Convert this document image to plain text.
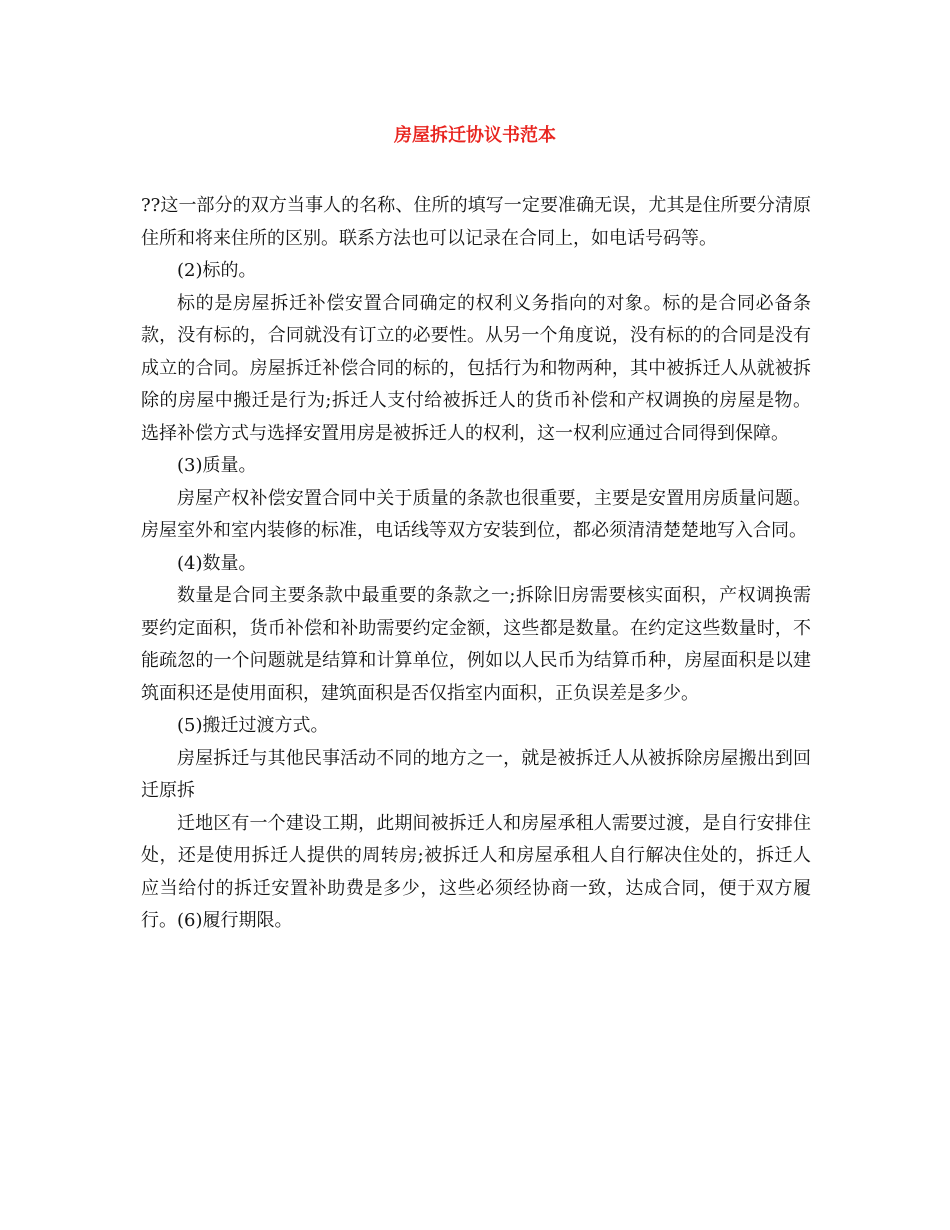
房屋拆迁协议书范本

??这一部分的双方当事人的名称、住所的填写一定要准确无误，尤其是住所要分清原住所和将来住所的区别。联系方法也可以记录在合同上，如电话号码等。

(2)标的。

标的是房屋拆迁补偿安置合同确定的权利义务指向的对象。标的是合同必备条款，没有标的，合同就没有订立的必要性。从另一个角度说，没有标的的合同是没有成立的合同。房屋拆迁补偿合同的标的，包括行为和物两种，其中被拆迁人从就被拆除的房屋中搬迁是行为;拆迁人支付给被拆迁人的货币补偿和产权调换的房屋是物。选择补偿方式与选择安置用房是被拆迁人的权利，这一权利应通过合同得到保障。

(3)质量。

房屋产权补偿安置合同中关于质量的条款也很重要，主要是安置用房质量问题。房屋室外和室内装修的标准，电话线等双方安装到位，都必须清清楚楚地写入合同。

(4)数量。

数量是合同主要条款中最重要的条款之一;拆除旧房需要核实面积，产权调换需要约定面积，货币补偿和补助需要约定金额，这些都是数量。在约定这些数量时，不能疏忽的一个问题就是结算和计算单位，例如以人民币为结算币种，房屋面积是以建筑面积还是使用面积，建筑面积是否仅指室内面积，正负误差是多少。

(5)搬迁过渡方式。

房屋拆迁与其他民事活动不同的地方之一，就是被拆迁人从被拆除房屋搬出到回迁原拆

迁地区有一个建设工期，此期间被拆迁人和房屋承租人需要过渡，是自行安排住处，还是使用拆迁人提供的周转房;被拆迁人和房屋承租人自行解决住处的，拆迁人应当给付的拆迁安置补助费是多少，这些必须经协商一致，达成合同，便于双方履行。(6)履行期限。
